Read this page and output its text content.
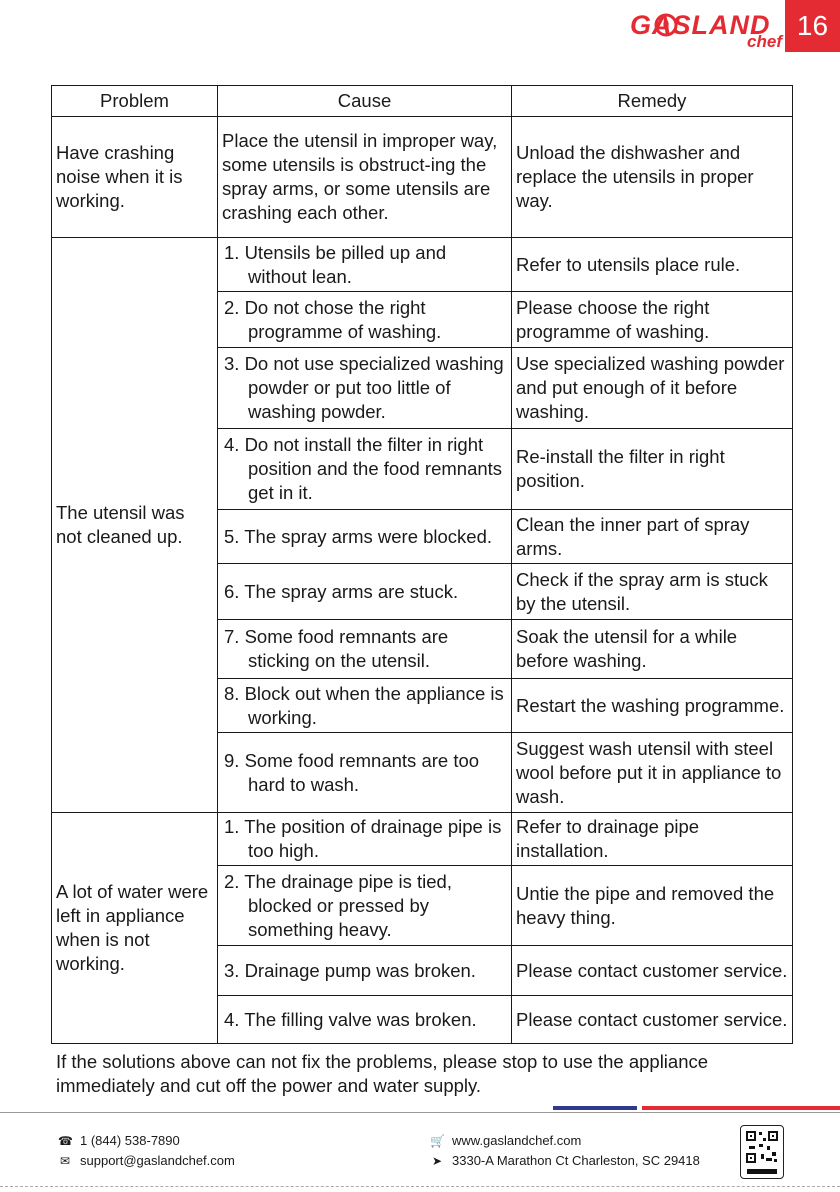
GASLAND
chef
16
Problem	Cause	Remedy
Have crashing noise when it is working.	Place the utensil in improper way, some utensils is obstruct-ing the spray arms, or some utensils are crashing each other.	Unload the dishwasher and replace the utensils in proper way.
The utensil was not cleaned up.	1. Utensils be pilled up and without lean.	Refer to utensils place rule.
	2. Do not chose the right programme of washing.	Please choose the right programme of washing.
	3. Do not use specialized washing powder or put too little of washing powder.	Use specialized washing powder and put enough of it before washing.
	4. Do not install the filter in right position and the food remnants get in it.	Re-install the filter in right position.
	5. The spray arms were blocked.	Clean the inner part of spray arms.
	6. The spray arms are stuck.	Check if the spray arm is stuck by the utensil.
	7. Some food remnants are sticking on the utensil.	Soak the utensil for a while before washing.
	8. Block out when the appliance is working.	Restart the washing programme.
	9. Some food remnants are too hard to wash.	Suggest wash utensil with steel wool before put it in appliance to wash.
A lot of water were left in appliance when is not working.	1. The position of drainage pipe is too high.	Refer to drainage pipe installation.
	2. The drainage pipe is tied, blocked or pressed by something heavy.	Untie the pipe and removed the heavy thing.
	3. Drainage pump was broken.	Please contact customer service.
	4. The filling valve was broken.	Please contact customer service.
If the solutions above can not fix the problems, please stop to use the appliance immediately and cut off the power and water supply.
☎ 1 (844) 538-7890
✉ support@gaslandchef.com
🛒 www.gaslandchef.com
➤ 3330-A Marathon Ct Charleston, SC 29418
